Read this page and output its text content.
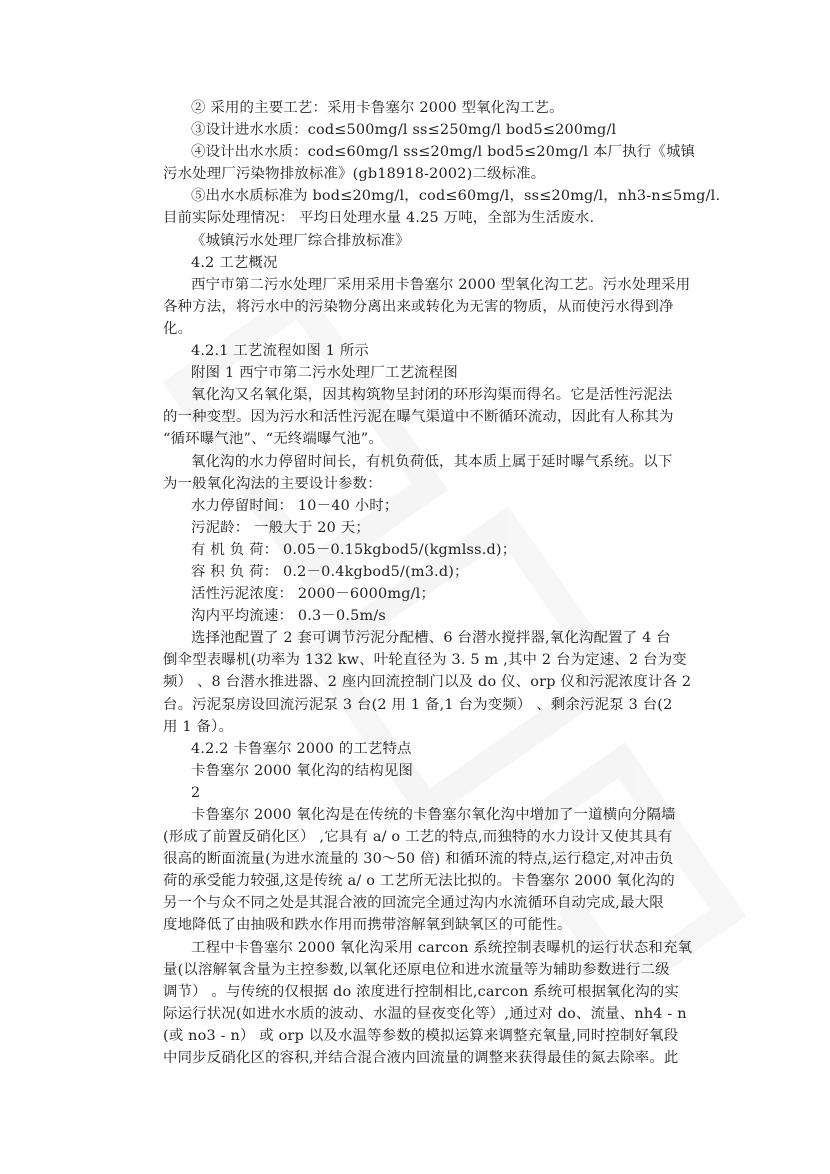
② 采用的主要工艺：采用卡鲁塞尔 2000 型氧化沟工艺。
③设计进水水质：cod≤500mg/l ss≤250mg/l bod5≤200mg/l
④设计出水水质：cod≤60mg/l ss≤20mg/l bod5≤20mg/l 本厂执行《城镇
污水处理厂污染物排放标准》(gb18918-2002)二级标准。
⑤出水水质标准为 bod≤20mg/l，cod≤60mg/l，ss≤20mg/l，nh3-n≤5mg/l.
目前实际处理情况： 平均日处理水量 4.25 万吨，全部为生活废水.
《城镇污水处理厂综合排放标准》
4.2 工艺概况
西宁市第二污水处理厂采用采用卡鲁塞尔 2000 型氧化沟工艺。污水处理采用
各种方法，将污水中的污染物分离出来或转化为无害的物质，从而使污水得到净
化。
4.2.1 工艺流程如图 1 所示
附图 1 西宁市第二污水处理厂工艺流程图
氧化沟又名氧化渠，因其构筑物呈封闭的环形沟渠而得名。它是活性污泥法
的一种变型。因为污水和活性污泥在曝气渠道中不断循环流动，因此有人称其为
“循环曝气池”、“无终端曝气池”。
氧化沟的水力停留时间长，有机负荷低，其本质上属于延时曝气系统。以下
为一般氧化沟法的主要设计参数：
水力停留时间： 10－40 小时；
污泥龄： 一般大于 20 天；
有 机 负 荷： 0.05－0.15kgbod5/(kgmlss.d)；
容 积 负 荷： 0.2－0.4kgbod5/(m3.d)；
活性污泥浓度： 2000－6000mg/l；
沟内平均流速： 0.3－0.5m/s
选择池配置了 2 套可调节污泥分配槽、6 台潜水搅拌器,氧化沟配置了 4 台
倒伞型表曝机(功率为 132 kw、叶轮直径为 3. 5 m ,其中 2 台为定速、2 台为变
频） 、8 台潜水推进器、2 座内回流控制门以及 do 仪、orp 仪和污泥浓度计各 2
台。污泥泵房设回流污泥泵 3 台(2 用 1 备,1 台为变频） 、剩余污泥泵 3 台(2
用 1 备）。
4.2.2 卡鲁塞尔 2000 的工艺特点
卡鲁塞尔 2000 氧化沟的结构见图
2
卡鲁塞尔 2000 氧化沟是在传统的卡鲁塞尔氧化沟中增加了一道横向分隔墙
(形成了前置反硝化区） ,它具有 a/ o 工艺的特点,而独特的水力设计又使其具有
很高的断面流量(为进水流量的 30～50 倍) 和循环流的特点,运行稳定,对冲击负
荷的承受能力较强,这是传统 a/ o 工艺所无法比拟的。卡鲁塞尔 2000 氧化沟的
另一个与众不同之处是其混合液的回流完全通过沟内水流循环自动完成,最大限
度地降低了由抽吸和跌水作用而携带溶解氧到缺氧区的可能性。
工程中卡鲁塞尔 2000 氧化沟采用 carcon 系统控制表曝机的运行状态和充氧
量(以溶解氧含量为主控参数,以氧化还原电位和进水流量等为辅助参数进行二级
调节） 。与传统的仅根据 do 浓度进行控制相比,carcon 系统可根据氧化沟的实
际运行状况(如进水水质的波动、水温的昼夜变化等）,通过对 do、流量、nh4 - n
(或 no3 - n） 或 orp 以及水温等参数的模拟运算来调整充氧量,同时控制好氧段
中同步反硝化区的容积,并结合混合液内回流量的调整来获得最佳的氮去除率。此
